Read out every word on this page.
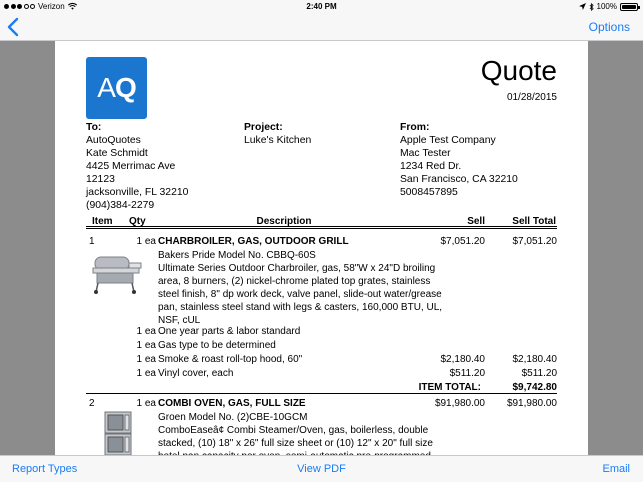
Verizon	2:40 PM	100%
Options
AQ
Quote
01/28/2015
To:
AutoQuotes
Kate Schmidt
4425 Merrimac Ave
12123
jacksonville, FL 32210
(904)384-2279
Project:
Luke's Kitchen
From:
Apple Test Company
Mac Tester
1234 Red Dr.
San Francisco, CA 32210
5008457895
Item Qty	Description	Sell	Sell Total
1	1 ea CHARBROILER, GAS, OUTDOOR GRILL	$7,051.20	$7,051.20
Bakers Pride Model No. CBBQ-60S
Ultimate Series Outdoor Charbroiler, gas, 58"W x 24"D broiling area, 8 burners, (2) nickel-chrome plated top grates, stainless steel finish, 8" dp work deck, valve panel, slide-out water/grease pan, stainless steel stand with legs & casters, 160,000 BTU, UL, NSF, cUL
1 ea One year parts & labor standard
1 ea Gas type to be determined
1 ea Smoke & roast roll-top hood, 60"	$2,180.40	$2,180.40
1 ea Vinyl cover, each	$511.20	$511.20
ITEM TOTAL:	$9,742.80
2	1 ea COMBI OVEN, GAS, FULL SIZE	$91,980.00 $91,980.00
Groen Model No. (2)CBE-10GCM
ComboEaseâ¢ Combi Steamer/Oven, gas, boilerless, double stacked, (10) 18" x 26" full size sheet or (10) 12" x 20" full size
Report Types	View PDF	Email
